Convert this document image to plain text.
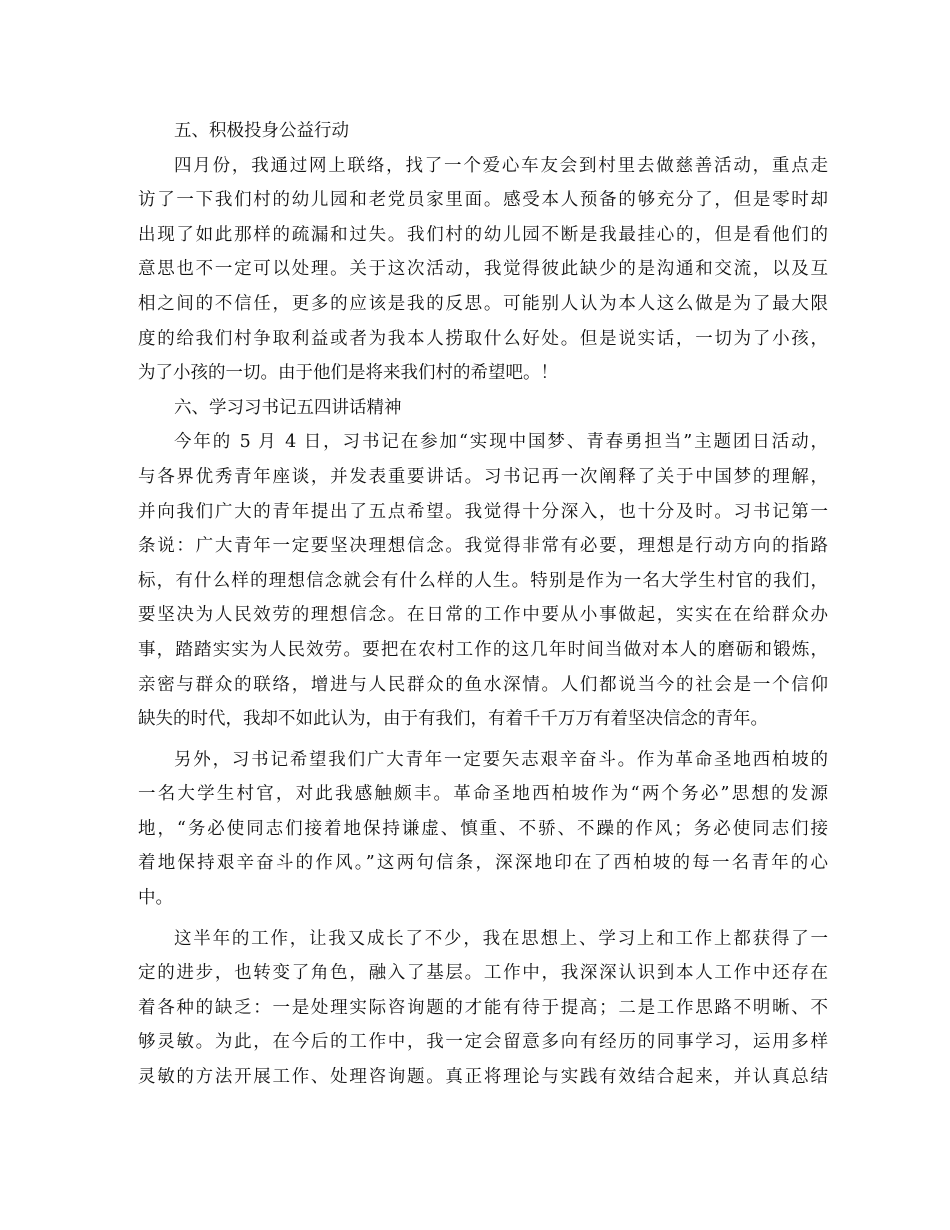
五、积极投身公益行动
四月份，我通过网上联络，找了一个爱心车友会到村里去做慈善活动，重点走
访了一下我们村的幼儿园和老党员家里面。感受本人预备的够充分了，但是零时却
出现了如此那样的疏漏和过失。我们村的幼儿园不断是我最挂心的，但是看他们的
意思也不一定可以处理。关于这次活动，我觉得彼此缺少的是沟通和交流，以及互
相之间的不信任，更多的应该是我的反思。可能别人认为本人这么做是为了最大限
度的给我们村争取利益或者为我本人捞取什么好处。但是说实话，一切为了小孩，
为了小孩的一切。由于他们是将来我们村的希望吧。！
六、学习习书记五四讲话精神
今年的 5 月 4 日，习书记在参加“实现中国梦、青春勇担当”主题团日活动，
与各界优秀青年座谈，并发表重要讲话。习书记再一次阐释了关于中国梦的理解，
并向我们广大的青年提出了五点希望。我觉得十分深入，也十分及时。习书记第一
条说：广大青年一定要坚决理想信念。我觉得非常有必要，理想是行动方向的指路
标，有什么样的理想信念就会有什么样的人生。特别是作为一名大学生村官的我们，
要坚决为人民效劳的理想信念。在日常的工作中要从小事做起，实实在在给群众办
事，踏踏实实为人民效劳。要把在农村工作的这几年时间当做对本人的磨砺和锻炼，
亲密与群众的联络，增进与人民群众的鱼水深情。人们都说当今的社会是一个信仰
缺失的时代，我却不如此认为，由于有我们，有着千千万万有着坚决信念的青年。
另外，习书记希望我们广大青年一定要矢志艰辛奋斗。作为革命圣地西柏坡的
一名大学生村官，对此我感触颇丰。革命圣地西柏坡作为“两个务必”思想的发源
地，“务必使同志们接着地保持谦虚、慎重、不骄、不躁的作风；务必使同志们接
着地保持艰辛奋斗的作风。”这两句信条，深深地印在了西柏坡的每一名青年的心
中。
这半年的工作，让我又成长了不少，我在思想上、学习上和工作上都获得了一
定的进步，也转变了角色，融入了基层。工作中，我深深认识到本人工作中还存在
着各种的缺乏：一是处理实际咨询题的才能有待于提高；二是工作思路不明晰、不
够灵敏。为此，在今后的工作中，我一定会留意多向有经历的同事学习，运用多样
灵敏的方法开展工作、处理咨询题。真正将理论与实践有效结合起来，并认真总结
